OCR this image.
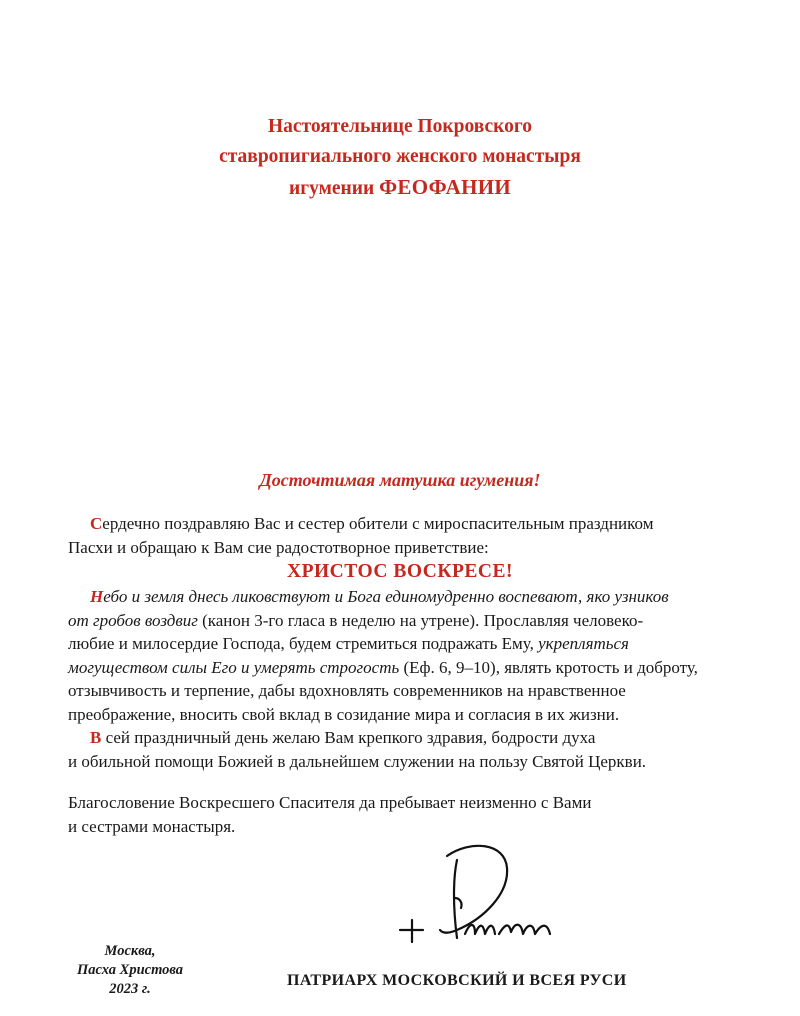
Настоятельнице Покровского
ставропигиального женского монастыря
игумении ФЕОФАНИИ
Досточтимая матушка игумения!
Сердечно поздравляю Вас и сестер обители с мироспасительным праздником
Пасхи и обращаю к Вам сие радостотворное приветствие:
ХРИСТОС ВОСКРЕСЕ!
Небо и земля днесь ликовствуют и Бога единомудренно воспевают, яко узников
от гробов воздвиг (канон 3-го гласа в неделю на утрене). Прославляя человеко-
любие и милосердие Господа, будем стремиться подражать Ему, укрепляться
могуществом силы Его и умерять строгость (Еф. 6, 9–10), являть кротость и доброту,
отзывчивость и терпение, дабы вдохновлять современников на нравственное
преображение, вносить свой вклад в созидание мира и согласия в их жизни.
В сей праздничный день желаю Вам крепкого здравия, бодрости духа
и обильной помощи Божией в дальнейшем служении на пользу Святой Церкви.
Благословение Воскресшего Спасителя да пребывает неизменно с Вами
и сестрами монастыря.
Москва,
Пасха Христова
2023 г.	ПАТРИАРХ МОСКОВСКИЙ И ВСЕЯ РУСИ
